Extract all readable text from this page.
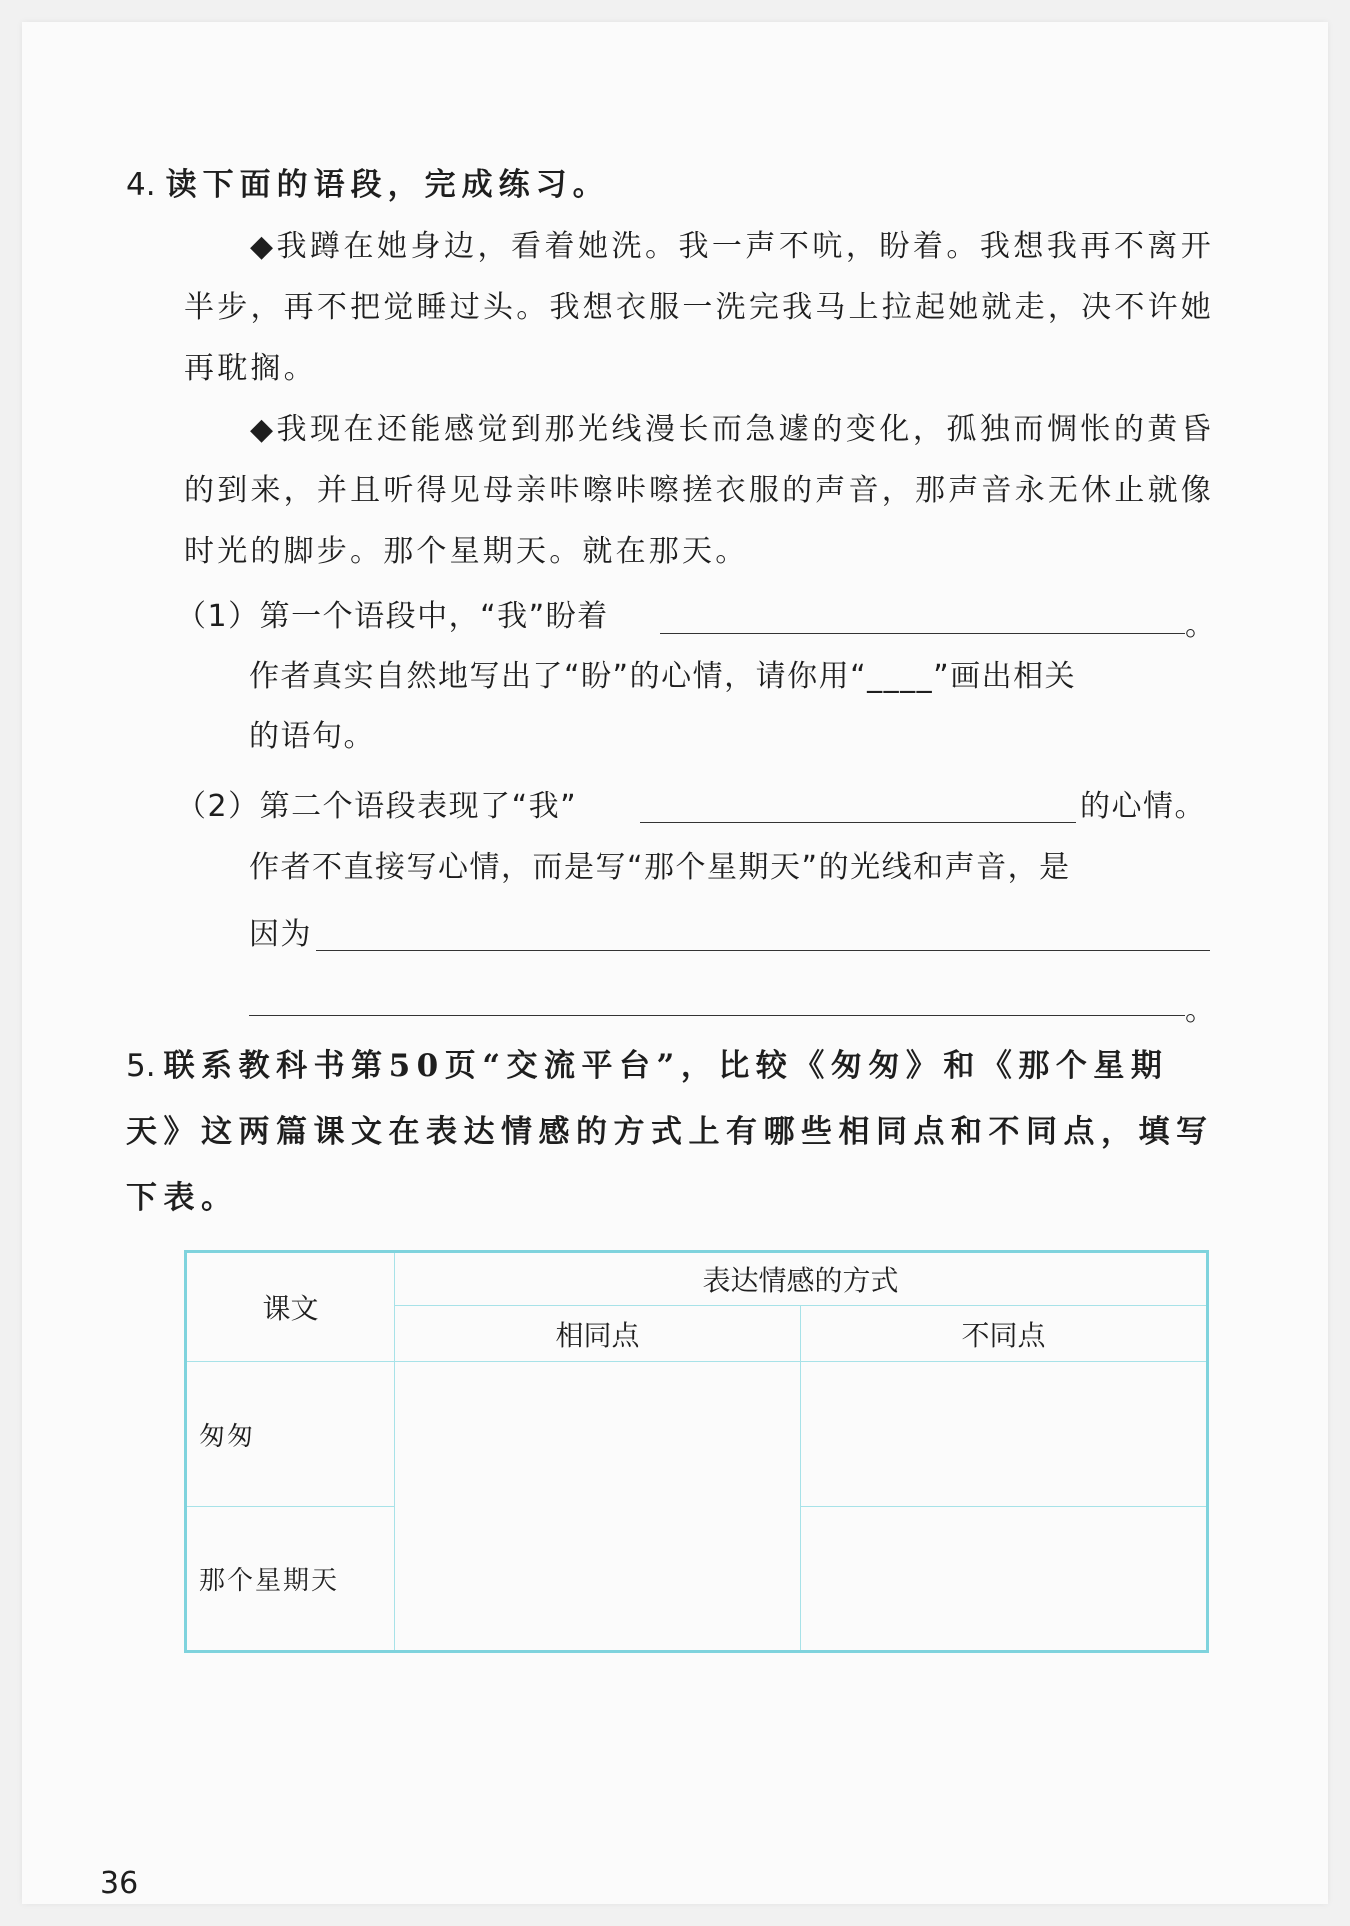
4. 读下面的语段，完成练习。

◆我蹲在她身边，看着她洗。我一声不吭，盼着。我想我再不离开半步，再不把觉睡过头。我想衣服一洗完我马上拉起她就走，决不许她再耽搁。

◆我现在还能感觉到那光线漫长而急遽的变化，孤独而惆怅的黄昏的到来，并且听得见母亲咔嚓咔嚓搓衣服的声音，那声音永无休止就像时光的脚步。那个星期天。就在那天。

（1）第一个语段中，“我”盼着	。
作者真实自然地写出了“盼”的心情，请你用“____”画出相关
的语句。
（2）第二个语段表现了“我”	的心情。
作者不直接写心情，而是写“那个星期天”的光线和声音，是
因为
。
5. 联系教科书第50页“交流平台”，比较《匆匆》和《那个星期天》这两篇课文在表达情感的方式上有哪些相同点和不同点，填写下表。
课文	表达情感的方式	
	相同点	不同点
匆匆		
那个星期天		
36
